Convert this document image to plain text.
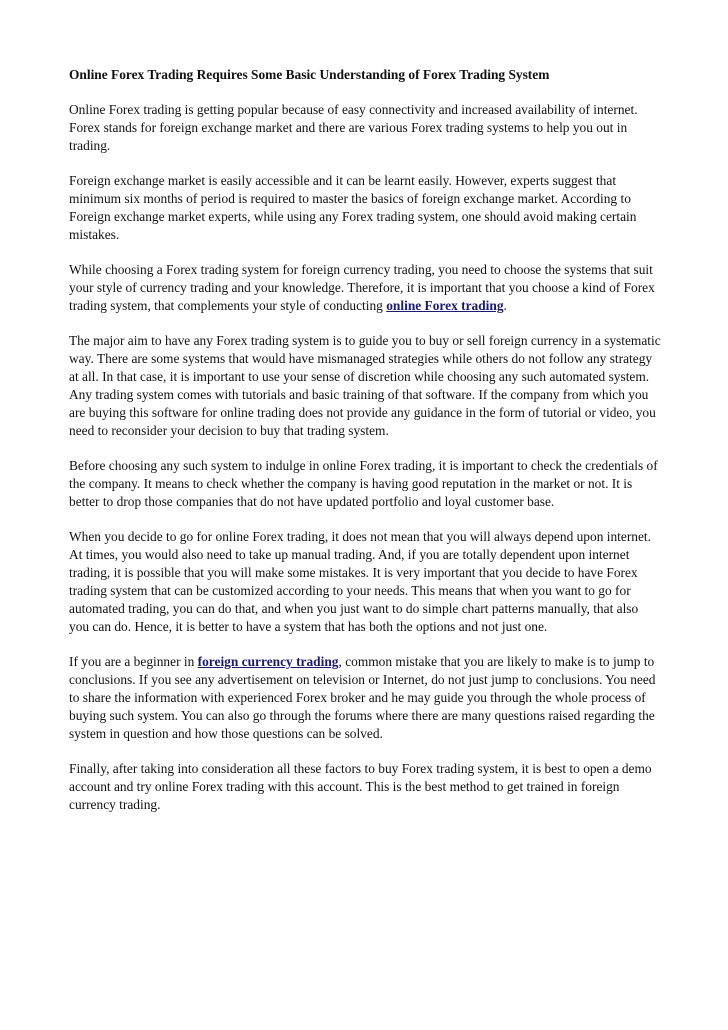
Online Forex Trading Requires Some Basic Understanding of Forex Trading System

Online Forex trading is getting popular because of easy connectivity and increased availability of internet. Forex stands for foreign exchange market and there are various Forex trading systems to help you out in trading.

Foreign exchange market is easily accessible and it can be learnt easily. However, experts suggest that minimum six months of period is required to master the basics of foreign exchange market. According to Foreign exchange market experts, while using any Forex trading system, one should avoid making certain mistakes.

While choosing a Forex trading system for foreign currency trading, you need to choose the systems that suit your style of currency trading and your knowledge. Therefore, it is important that you choose a kind of Forex trading system, that complements your style of conducting online Forex trading.

The major aim to have any Forex trading system is to guide you to buy or sell foreign currency in a systematic way. There are some systems that would have mismanaged strategies while others do not follow any strategy at all. In that case, it is important to use your sense of discretion while choosing any such automated system. Any trading system comes with tutorials and basic training of that software. If the company from which you are buying this software for online trading does not provide any guidance in the form of tutorial or video, you need to reconsider your decision to buy that trading system.

Before choosing any such system to indulge in online Forex trading, it is important to check the credentials of the company. It means to check whether the company is having good reputation in the market or not. It is better to drop those companies that do not have updated portfolio and loyal customer base.

When you decide to go for online Forex trading, it does not mean that you will always depend upon internet. At times, you would also need to take up manual trading. And, if you are totally dependent upon internet trading, it is possible that you will make some mistakes. It is very important that you decide to have Forex trading system that can be customized according to your needs. This means that when you want to go for automated trading, you can do that, and when you just want to do simple chart patterns manually, that also you can do. Hence, it is better to have a system that has both the options and not just one.

If you are a beginner in foreign currency trading, common mistake that you are likely to make is to jump to conclusions. If you see any advertisement on television or Internet, do not just jump to conclusions. You need to share the information with experienced Forex broker and he may guide you through the whole process of buying such system. You can also go through the forums where there are many questions raised regarding the system in question and how those questions can be solved.

Finally, after taking into consideration all these factors to buy Forex trading system, it is best to open a demo account and try online Forex trading with this account. This is the best method to get trained in foreign currency trading.
